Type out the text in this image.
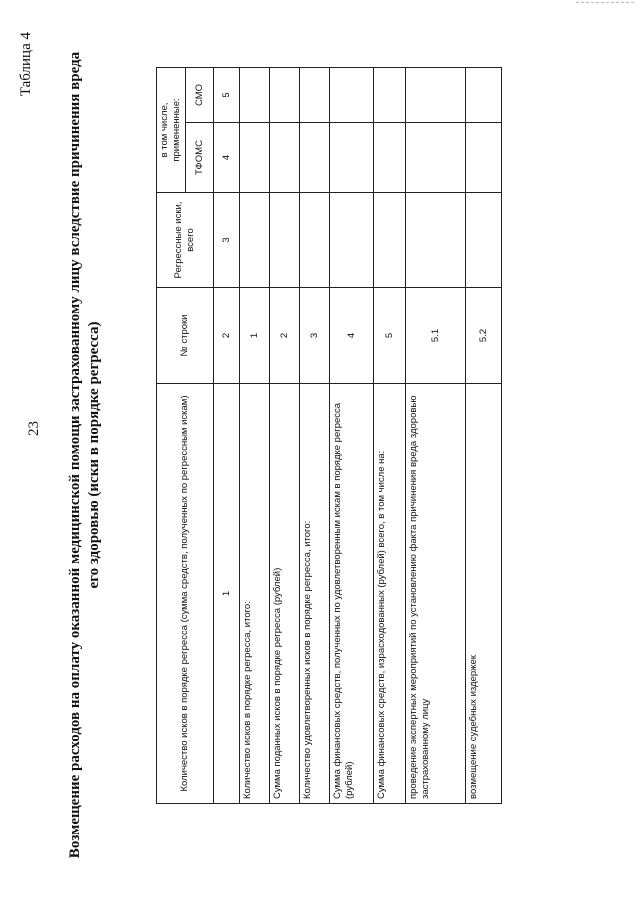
23
Таблица 4 Возмещение расходов на оплату оказанной медицинской помощи застрахованному лицу вследствие причинения вреда его здоровью (иски в порядке регресса)	Количество исков в порядке регресса (сумма средств, полученных по регрессным искам)	№ строки	Регрессные иски, всего	в том числе, примененные:	
			ТФОМС	СМО
1	2	3	4	5
Количество исков в порядке регресса, итого:	1			
Сумма поданных исков в порядке регресса (рублей)	2			
Количество удовлетворенных исков в порядке регресса, итого:	3			
Сумма финансовых средств, полученных по удовлетворенным искам в порядке регресса (рублей)	4			
Сумма финансовых средств, израсходованных (рублей) всего, в том числе на:	5			
проведение экспертных мероприятий по установлению факта причинения вреда здоровью застрахованному лицу	5.1			
возмещение судебных издержек	5.2			
